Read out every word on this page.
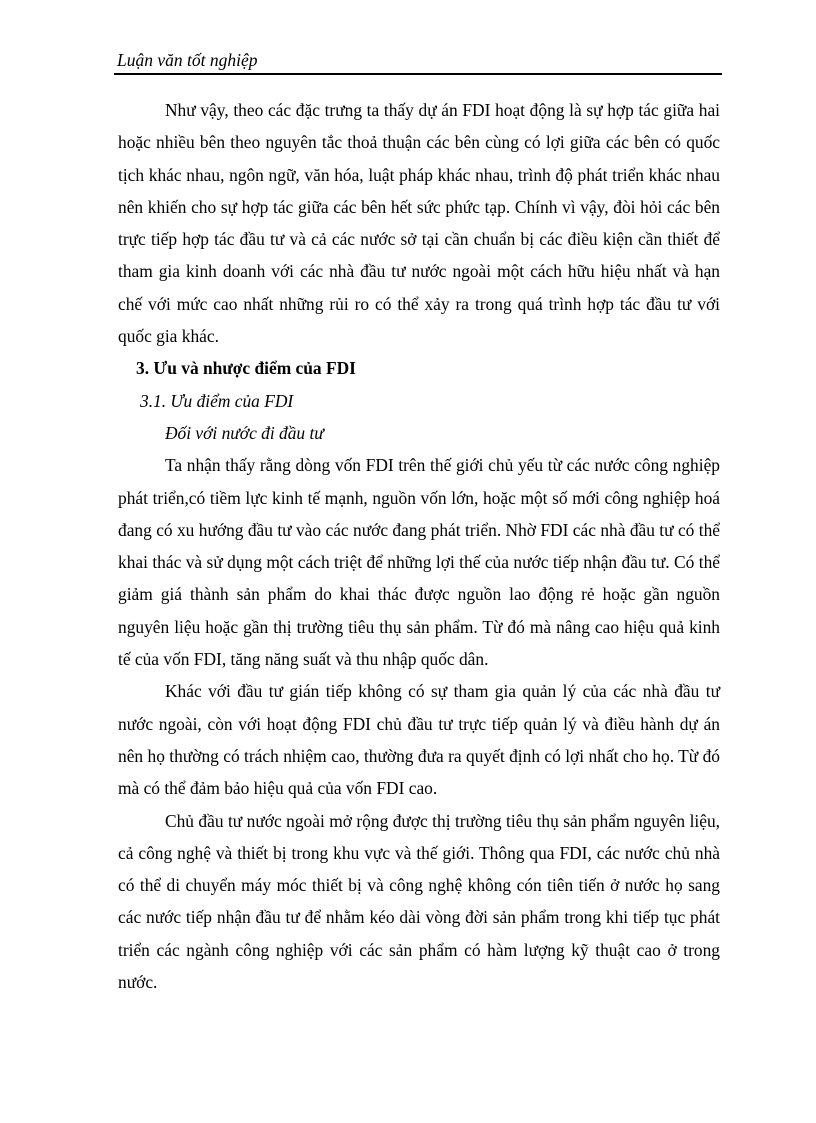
Luận văn tốt nghiệp

Như vậy, theo các đặc trưng ta thấy dự án FDI hoạt động là sự hợp tác giữa hai hoặc nhiều bên theo nguyên tắc thoả thuận các bên cùng có lợi giữa các bên có quốc tịch khác nhau, ngôn ngữ, văn hóa, luật pháp khác nhau, trình độ phát triển khác nhau nên khiến cho sự hợp tác giữa các bên hết sức phức tạp. Chính vì vậy, đòi hỏi các bên trực tiếp hợp tác đầu tư và cả các nước sở tại cần chuẩn bị các điều kiện cần thiết để tham gia kinh doanh với các nhà đầu tư nước ngoài một cách hữu hiệu nhất và hạn chế với mức cao nhất những rủi ro có thể xảy ra trong quá trình hợp tác đầu tư với quốc gia khác.

3. Ưu và nhược điểm của FDI
3.1. Ưu điểm của FDI
Đối với nước đi đầu tư

Ta nhận thấy rằng dòng vốn FDI trên thế giới chủ yếu từ các nước công nghiệp phát triển,có tiềm lực kinh tế mạnh, nguồn vốn lớn, hoặc một số mới công nghiệp hoá đang có xu hướng đầu tư vào các nước đang phát triển. Nhờ FDI các nhà đầu tư có thể khai thác và sử dụng một cách triệt để những lợi thế của nước tiếp nhận đầu tư. Có thể giảm giá thành sản phẩm do khai thác được nguồn lao động rẻ hoặc gần nguồn nguyên liệu hoặc gần thị trường tiêu thụ sản phẩm. Từ đó mà nâng cao hiệu quả kinh tế của vốn FDI, tăng năng suất và thu nhập quốc dân.

Khác với đầu tư gián tiếp không có sự tham gia quản lý của các nhà đầu tư nước ngoài, còn với hoạt động FDI chủ đầu tư trực tiếp quản lý và điều hành dự án nên họ thường có trách nhiệm cao, thường đưa ra quyết định có lợi nhất cho họ. Từ đó mà có thể đảm bảo hiệu quả của vốn FDI cao.

Chủ đầu tư nước ngoài mở rộng được thị trường tiêu thụ sản phẩm nguyên liệu, cả công nghệ và thiết bị trong khu vực và thế giới. Thông qua FDI, các nước chủ nhà có thể di chuyển máy móc thiết bị và công nghệ không cón tiên tiến ở nước họ sang các nước tiếp nhận đầu tư để nhằm kéo dài vòng đời sản phẩm trong khi tiếp tục phát triển các ngành công nghiệp với các sản phẩm có hàm lượng kỹ thuật cao ở trong nước.
